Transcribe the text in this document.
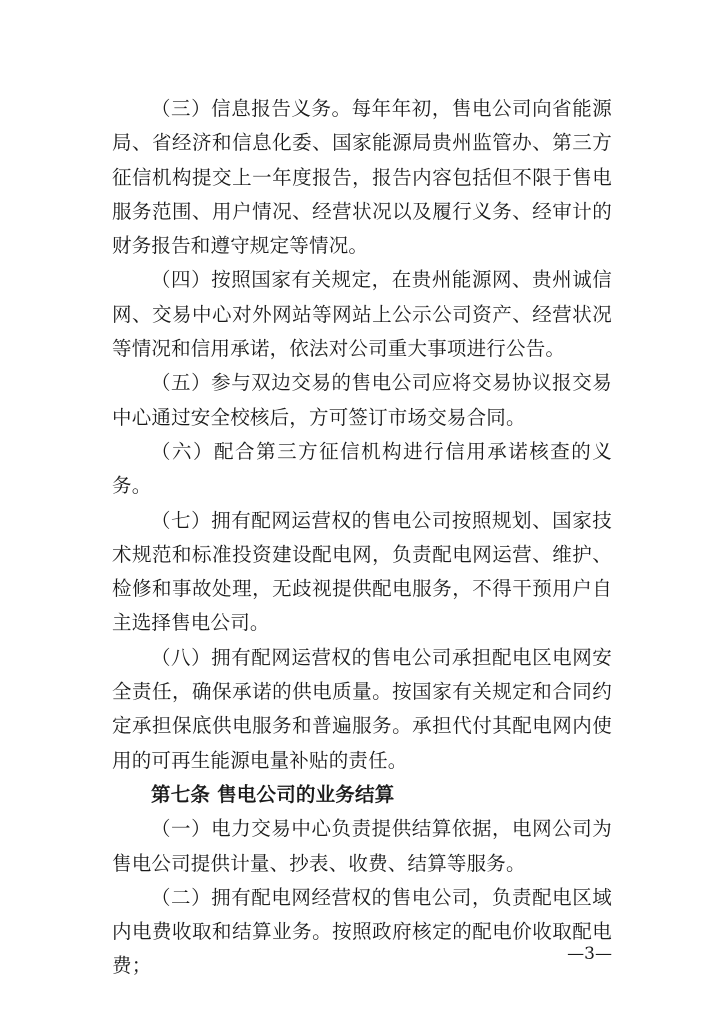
（三）信息报告义务。每年年初，售电公司向省能源局、省经济和信息化委、国家能源局贵州监管办、第三方征信机构提交上一年度报告，报告内容包括但不限于售电服务范围、用户情况、经营状况以及履行义务、经审计的财务报告和遵守规定等情况。

（四）按照国家有关规定，在贵州能源网、贵州诚信网、交易中心对外网站等网站上公示公司资产、经营状况等情况和信用承诺，依法对公司重大事项进行公告。

（五）参与双边交易的售电公司应将交易协议报交易中心通过安全校核后，方可签订市场交易合同。

（六）配合第三方征信机构进行信用承诺核查的义务。

（七）拥有配网运营权的售电公司按照规划、国家技术规范和标准投资建设配电网，负责配电网运营、维护、检修和事故处理，无歧视提供配电服务，不得干预用户自主选择售电公司。

（八）拥有配网运营权的售电公司承担配电区电网安全责任，确保承诺的供电质量。按国家有关规定和合同约定承担保底供电服务和普遍服务。承担代付其配电网内使用的可再生能源电量补贴的责任。

第七条 售电公司的业务结算

（一）电力交易中心负责提供结算依据，电网公司为售电公司提供计量、抄表、收费、结算等服务。

（二）拥有配电网经营权的售电公司，负责配电区域内电费收取和结算业务。按照政府核定的配电价收取配电费；

—3—
